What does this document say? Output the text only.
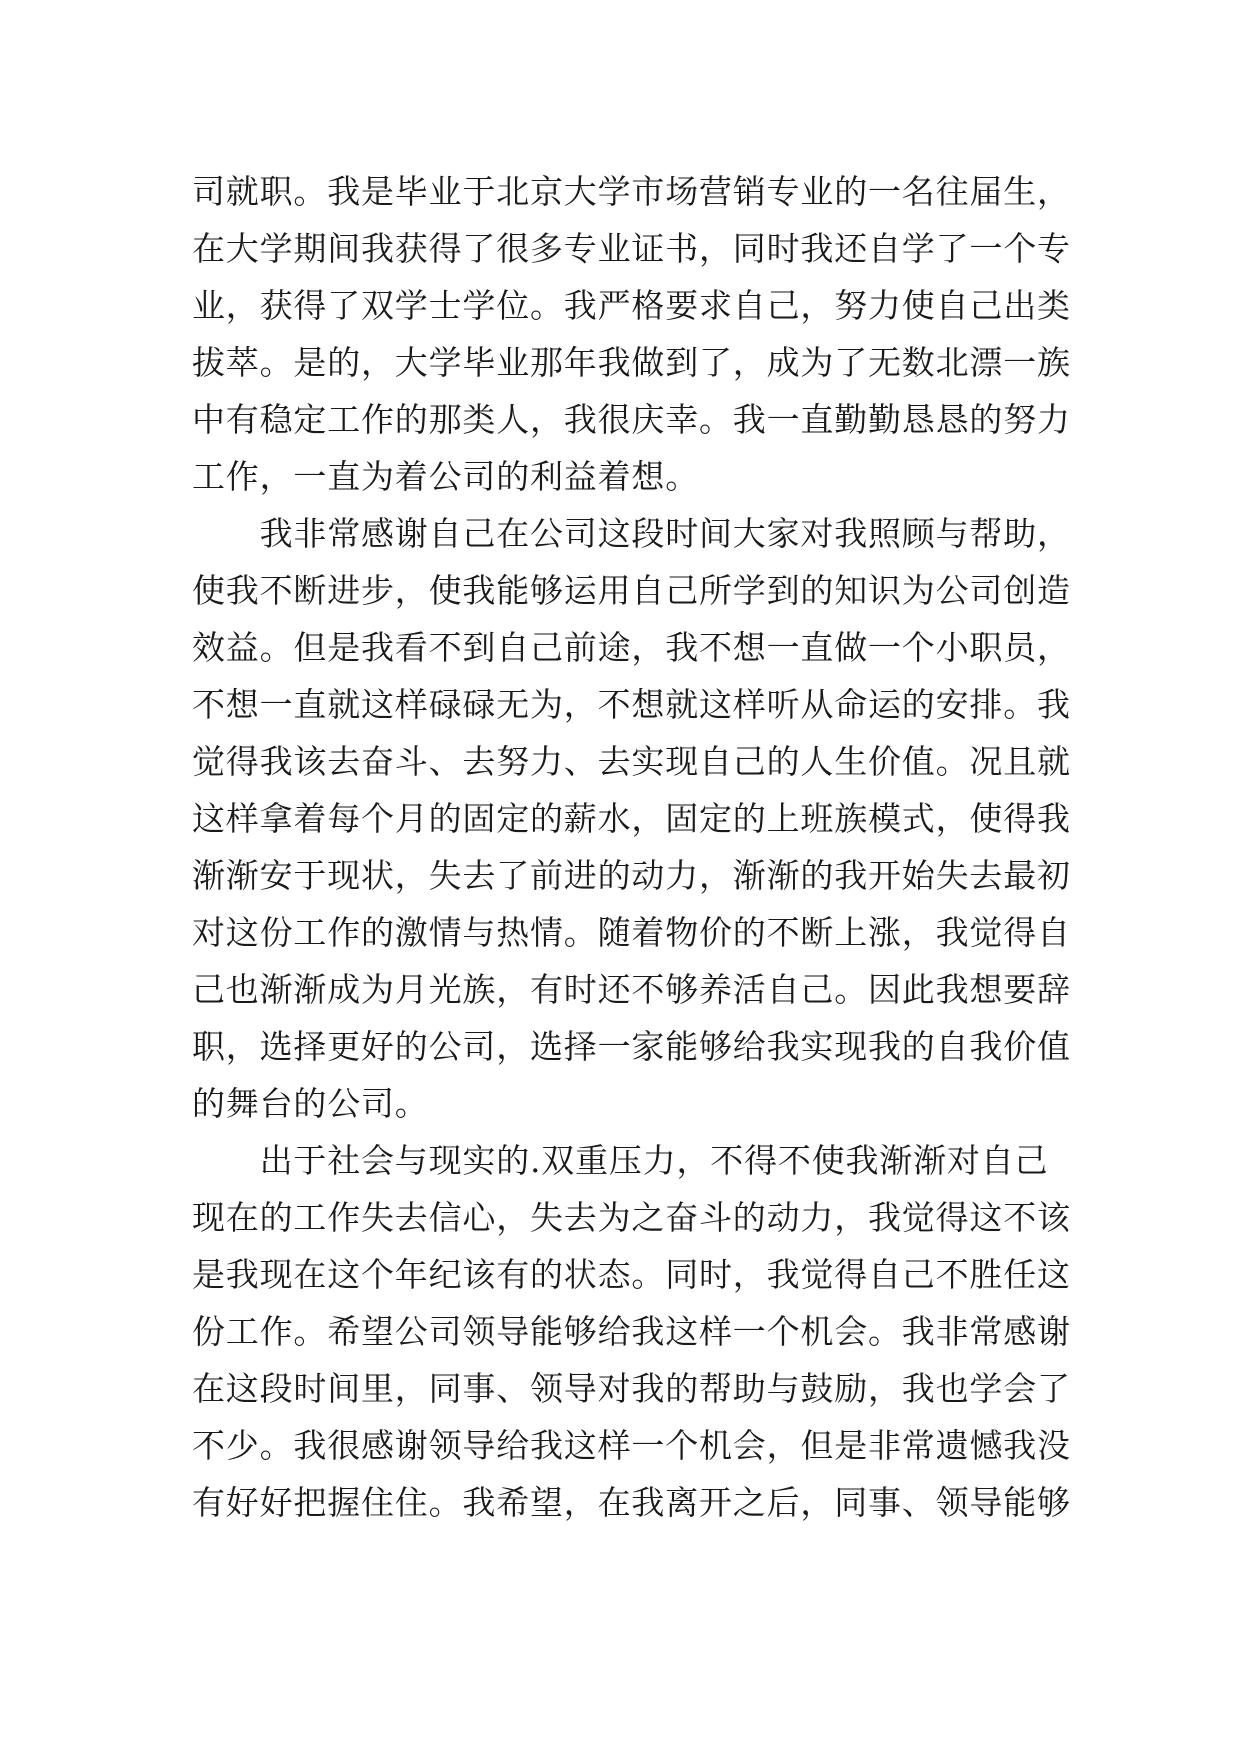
司就职。我是毕业于北京大学市场营销专业的一名往届生，
在大学期间我获得了很多专业证书，同时我还自学了一个专
业，获得了双学士学位。我严格要求自己，努力使自己出类
拔萃。是的，大学毕业那年我做到了，成为了无数北漂一族
中有稳定工作的那类人，我很庆幸。我一直勤勤恳恳的努力
工作，一直为着公司的利益着想。
　　我非常感谢自己在公司这段时间大家对我照顾与帮助，
使我不断进步，使我能够运用自己所学到的知识为公司创造
效益。但是我看不到自己前途，我不想一直做一个小职员，
不想一直就这样碌碌无为，不想就这样听从命运的安排。我
觉得我该去奋斗、去努力、去实现自己的人生价值。况且就
这样拿着每个月的固定的薪水，固定的上班族模式，使得我
渐渐安于现状，失去了前进的动力，渐渐的我开始失去最初
对这份工作的激情与热情。随着物价的不断上涨，我觉得自
己也渐渐成为月光族，有时还不够养活自己。因此我想要辞
职，选择更好的公司，选择一家能够给我实现我的自我价值
的舞台的公司。
　　出于社会与现实的.双重压力，不得不使我渐渐对自己
现在的工作失去信心，失去为之奋斗的动力，我觉得这不该
是我现在这个年纪该有的状态。同时，我觉得自己不胜任这
份工作。希望公司领导能够给我这样一个机会。我非常感谢
在这段时间里，同事、领导对我的帮助与鼓励，我也学会了
不少。我很感谢领导给我这样一个机会，但是非常遗憾我没
有好好把握住住。我希望，在我离开之后，同事、领导能够
